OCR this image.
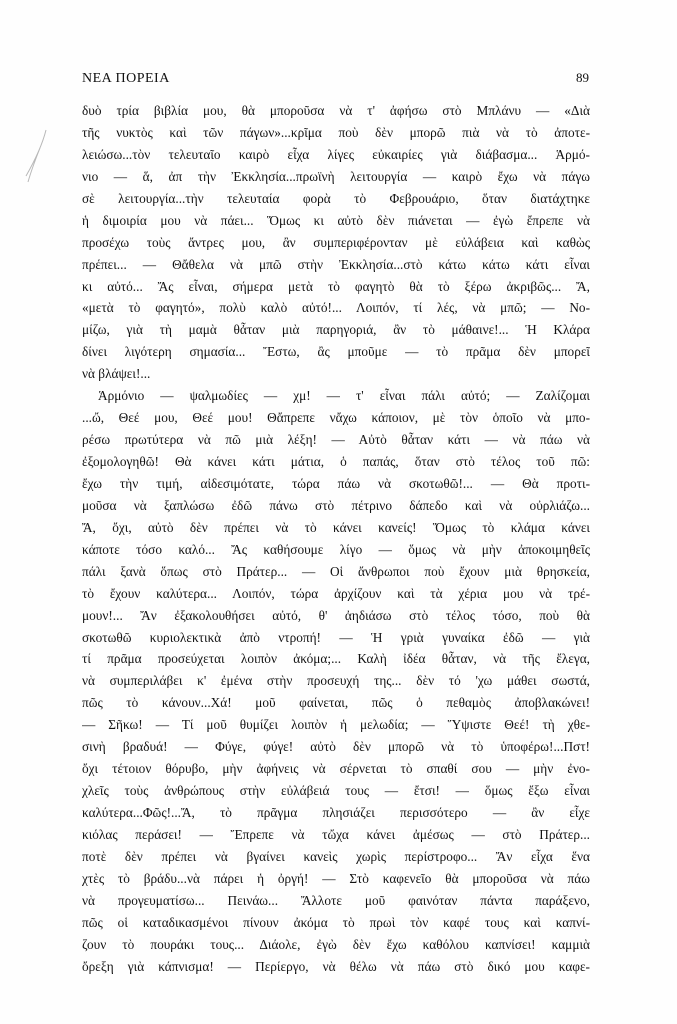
ΝΕΑ ΠΟΡΕΙΑ	89
δυὸ τρία βιβλία μου, θὰ μποροῦσα νὰ τ' ἀφήσω στὸ Μπλάνυ — «Διὰ
τῆς νυκτὸς καὶ τῶν πάγων»...κρῖμα ποὺ δὲν μπορῶ πιὰ νὰ τὸ ἀποτε-
λειώσω...τὸν τελευταῖο καιρὸ εἶχα λίγες εὐκαιρίες γιὰ διάβασμα... Ἁρμό-
νιο — ἅ, ἀπ τὴν Ἐκκλησία...πρωϊνὴ λειτουργία — καιρὸ ἔχω νὰ πάγω
σὲ λειτουργία...τὴν τελευταία φορὰ τὸ Φεβρουάριο, ὅταν διατάχτηκε
ἡ διμοιρία μου νὰ πάει... Ὅμως κι αὐτὸ δὲν πιάνεται — ἐγὼ ἔπρεπε νὰ
προσέχω τοὺς ἄντρες μου, ἂν συμπεριφέρονταν μὲ εὐλάβεια καὶ καθὼς
πρέπει... — Θἄθελα νὰ μπῶ στὴν Ἐκκλησία...στὸ κάτω κάτω κάτι εἶναι
κι αὐτό... Ἄς εἶναι, σήμερα μετὰ τὸ φαγητὸ θὰ τὸ ξέρω ἀκριβῶς... Ἄ,
«μετὰ τὸ φαγητό», πολὺ καλὸ αὐτό!... Λοιπόν, τί λές, νὰ μπῶ; — Νο-
μίζω, γιὰ τὴ μαμὰ θἆταν μιὰ παρηγοριά, ἂν τὸ μάθαινε!... Ἡ Κλάρα
δίνει λιγότερη σημασία... Ἔστω, ἂς μποῦμε — τὸ πρᾶμα δὲν μπορεῖ
νὰ βλάψει!...
Ἁρμόνιο — ψαλμωδίες — χμ! — τ' εἶναι πάλι αὐτό; — Ζαλίζομαι
...ὤ, Θεέ μου, Θεέ μου! Θἄπρεπε νἄχω κάποιον, μὲ τὸν ὁποῖο νὰ μπο-
ρέσω πρωτύτερα νὰ πῶ μιὰ λέξη! — Αὐτὸ θἆταν κάτι — νὰ πάω νὰ
ἐξομολογηθῶ! Θὰ κάνει κάτι μάτια, ὁ παπάς, ὅταν στὸ τέλος τοῦ πῶ:
ἔχω τὴν τιμή, αἰδεσιμότατε, τώρα πάω νὰ σκοτωθῶ!... — Θὰ προτι-
μοῦσα νὰ ξαπλώσω ἐδῶ πάνω στὸ πέτρινο δάπεδο καὶ νὰ οὐρλιάζω...
Ἄ, ὄχι, αὐτὸ δὲν πρέπει νὰ τὸ κάνει κανείς! Ὅμως τὸ κλάμα κάνει
κάποτε τόσο καλό... Ἄς καθήσουμε λίγο — ὅμως νὰ μὴν ἀποκοιμηθεῖς
πάλι ξανὰ ὅπως στὸ Πράτερ... — Οἱ ἄνθρωποι ποὺ ἔχουν μιὰ θρησκεία,
τὸ ἔχουν καλύτερα... Λοιπόν, τώρα ἀρχίζουν καὶ τὰ χέρια μου νὰ τρέ-
μουν!... Ἄν ἐξακολουθήσει αὐτό, θ' ἀηδιάσω στὸ τέλος τόσο, ποὺ θὰ
σκοτωθῶ κυριολεκτικὰ ἀπὸ ντροπή! — Ἡ γριὰ γυναίκα ἐδῶ — γιὰ
τί πρᾶμα προσεύχεται λοιπὸν ἀκόμα;... Καλὴ ἰδέα θἆταν, νὰ τῆς ἔλεγα,
νὰ συμπεριλάβει κ' ἐμένα στὴν προσευχή της... δὲν τό 'χω μάθει σωστά,
πῶς τὸ κάνουν...Χά! μοῦ φαίνεται, πῶς ὁ πεθαμὸς ἀποβλακώνει!
— Σῆκω! — Τί μοῦ θυμίζει λοιπὸν ἡ μελωδία; — Ὕψιστε Θεέ! τὴ χθε-
σινὴ βραδυά! — Φύγε, φύγε! αὐτὸ δὲν μπορῶ νὰ τὸ ὑποφέρω!...Πστ!
ὄχι τέτοιον θόρυβο, μὴν ἀφήνεις νὰ σέρνεται τὸ σπαθί σου — μὴν ἐνο-
χλεῖς τοὺς ἀνθρώπους στὴν εὐλάβειά τους — ἔτσι! — ὅμως ἔξω εἶναι
καλύτερα...Φῶς!...Ἄ, τὸ πρᾶγμα πλησιάζει περισσότερο — ἂν εἶχε
κιόλας περάσει! — Ἔπρεπε νὰ τὤχα κάνει ἀμέσως — στὸ Πράτερ...
ποτὲ δὲν πρέπει νὰ βγαίνει κανεὶς χωρὶς περίστροφο... Ἄν εἶχα ἕνα
χτὲς τὸ βράδυ...νὰ πάρει ἡ ὀργή! — Στὸ καφενεῖο θὰ μποροῦσα νὰ πάω
νὰ προγευματίσω... Πεινάω... Ἄλλοτε μοῦ φαινόταν πάντα παράξενο,
πῶς οἱ καταδικασμένοι πίνουν ἀκόμα τὸ πρωὶ τὸν καφέ τους καὶ καπνί-
ζουν τὸ πουράκι τους... Διάολε, ἐγὼ δὲν ἔχω καθόλου καπνίσει! καμμιὰ
ὄρεξη γιὰ κάπνισμα! — Περίεργο, νὰ θέλω νὰ πάω στὸ δικό μου καφε-
